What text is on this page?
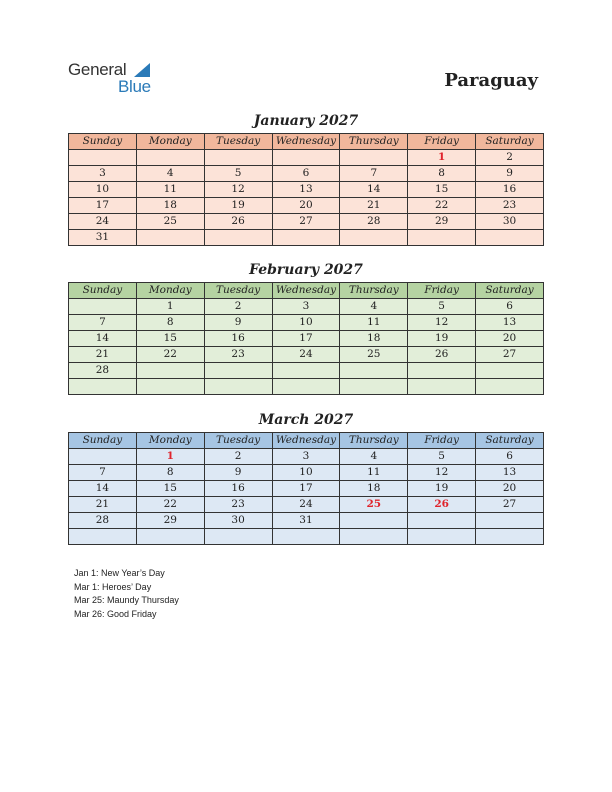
General
Blue	Paraguay
January 2027
Sunday	Monday	Tuesday	Wednesday	Thursday	Friday	Saturday
					1	2
3	4	5	6	7	8	9
10	11	12	13	14	15	16
17	18	19	20	21	22	23
24	25	26	27	28	29	30
31						
February 2027
Sunday	Monday	Tuesday	Wednesday	Thursday	Friday	Saturday
	1	2	3	4	5	6
7	8	9	10	11	12	13
14	15	16	17	18	19	20
21	22	23	24	25	26	27
28						

March 2027
Sunday	Monday	Tuesday	Wednesday	Thursday	Friday	Saturday
	1	2	3	4	5	6
7	8	9	10	11	12	13
14	15	16	17	18	19	20
21	22	23	24	25	26	27
28	29	30	31			

Jan 1: New Year’s Day
Mar 1: Heroes’ Day
Mar 25: Maundy Thursday
Mar 26: Good Friday
